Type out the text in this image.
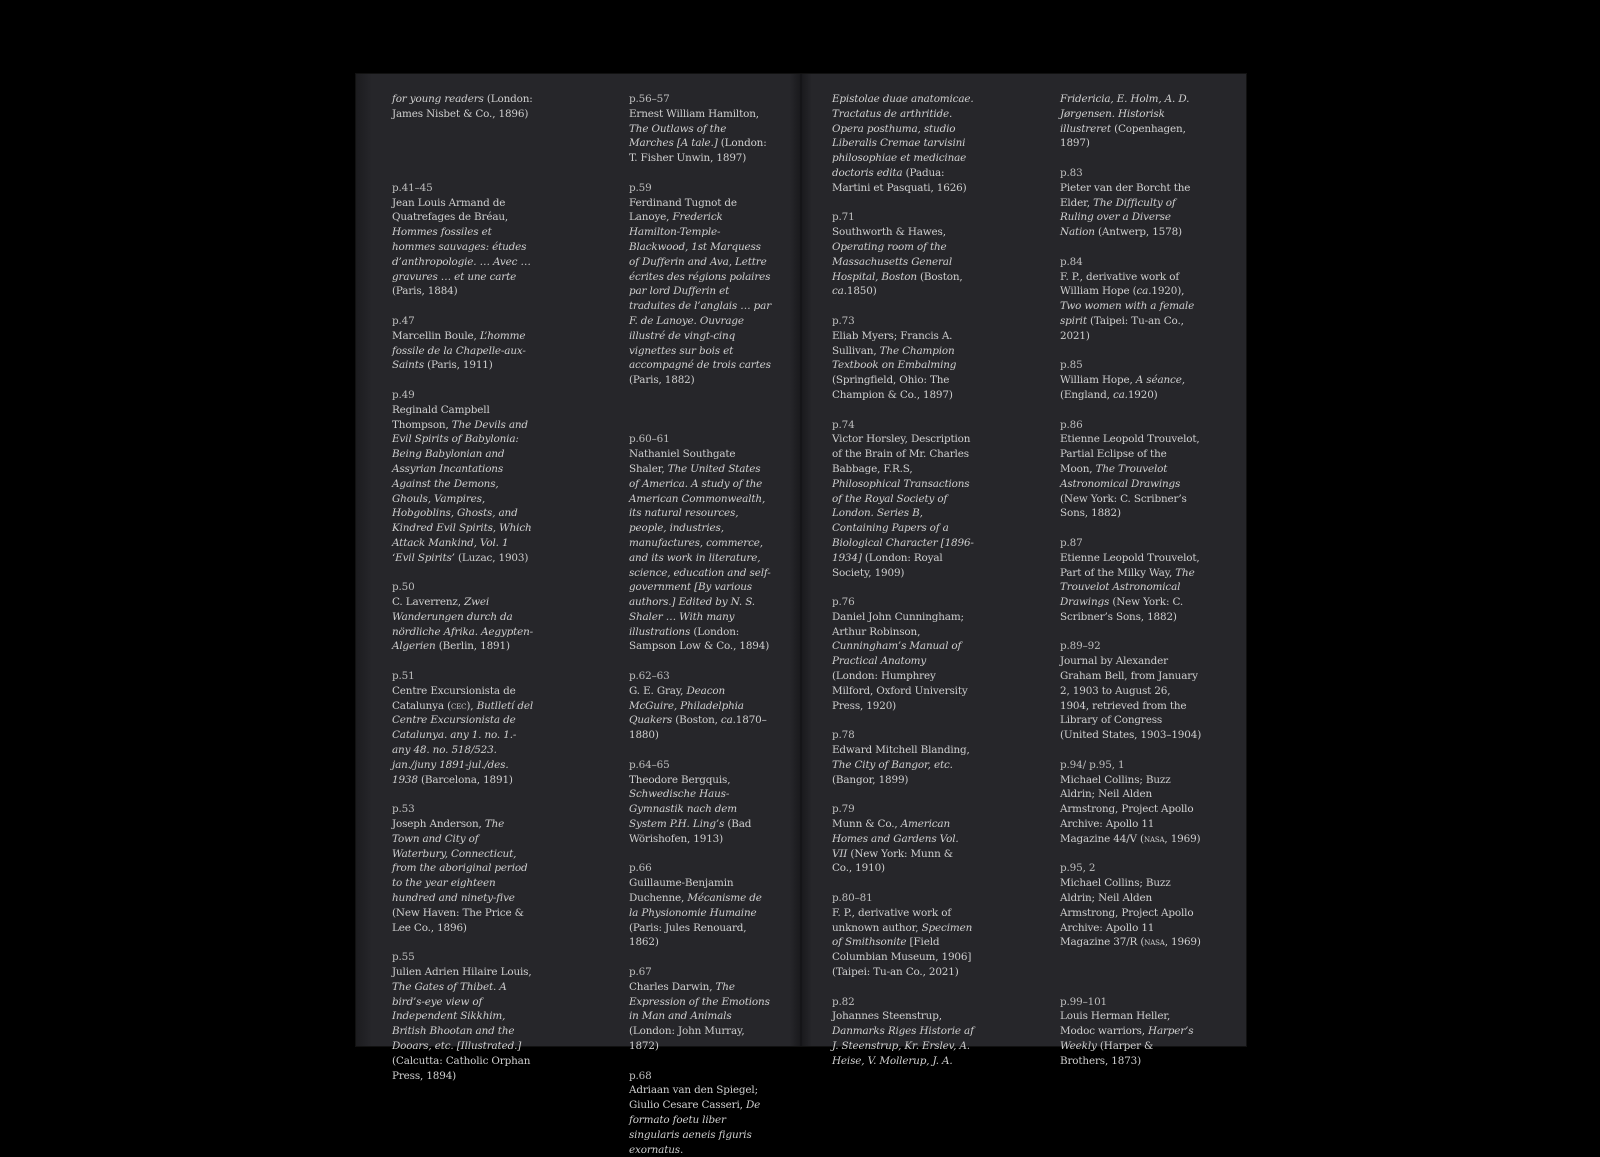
for young readers (London: James Nisbet & Co., 1896)

p.41–45
Jean Louis Armand de Quatrefages de Bréau, Hommes fossiles et hommes sauvages: études d’anthropologie. … Avec … gravures … et une carte (Paris, 1884)

p.47
Marcellin Boule, L’homme fossile de la Chapelle-aux-Saints (Paris, 1911)

p.49
Reginald Campbell Thompson, The Devils and Evil Spirits of Babylonia: Being Babylonian and Assyrian Incantations Against the Demons, Ghouls, Vampires, Hobgoblins, Ghosts, and Kindred Evil Spirits, Which Attack Mankind, Vol. 1 ‘Evil Spirits’ (Luzac, 1903)

p.50
C. Laverrenz, Zwei Wanderungen durch da nördliche Afrika. Aegypten-Algerien (Berlin, 1891)

p.51
Centre Excursionista de Catalunya (cec), Butlletí del Centre Excursionista de Catalunya. any 1. no. 1.-any 48. no. 518/523. jan./juny 1891-jul./des. 1938 (Barcelona, 1891)

p.53
Joseph Anderson, The Town and City of Waterbury, Connecticut, from the aboriginal period to the year eighteen hundred and ninety-five (New Haven: The Price & Lee Co., 1896)

p.55
Julien Adrien Hilaire Louis, The Gates of Thibet. A bird’s-eye view of Independent Sikkhim, British Bhootan and the Dooars, etc. [Illustrated.] (Calcutta: Catholic Orphan Press, 1894)

p.56–57
Ernest William Hamilton, The Outlaws of the Marches [A tale.] (London: T. Fisher Unwin, 1897)

p.59
Ferdinand Tugnot de Lanoye, Frederick Hamilton-Temple-Blackwood, 1st Marquess of Dufferin and Ava, Lettre écrites des régions polaires par lord Dufferin et traduites de l’anglais … par F. de Lanoye. Ouvrage illustré de vingt-cinq vignettes sur bois et accompagné de trois cartes (Paris, 1882)

p.60–61
Nathaniel Southgate Shaler, The United States of America. A study of the American Commonwealth, its natural resources, people, industries, manufactures, commerce, and its work in literature, science, education and self-government [By various authors.] Edited by N. S. Shaler … With many illustrations (London: Sampson Low & Co., 1894)

p.62–63
G. E. Gray, Deacon McGuire, Philadelphia Quakers (Boston, ca.1870–1880)

p.64–65
Theodore Bergquis, Schwedische Haus-Gymnastik nach dem System P.H. Ling’s (Bad Wörishofen, 1913)

p.66
Guillaume-Benjamin Duchenne, Mécanisme de la Physionomie Humaine (Paris: Jules Renouard, 1862)

p.67
Charles Darwin, The Expression of the Emotions in Man and Animals (London: John Murray, 1872)

p.68
Adriaan van den Spiegel; Giulio Cesare Casseri, De formato foetu liber singularis aeneis figuris exornatus.

Epistolae duae anatomicae. Tractatus de arthritide. Opera posthuma, studio Liberalis Cremae tarvisini philosophiae et medicinae doctoris edita (Padua: Martini et Pasquati, 1626)

p.71
Southworth & Hawes, Operating room of the Massachusetts General Hospital, Boston (Boston, ca.1850)

p.73
Eliab Myers; Francis A. Sullivan, The Champion Textbook on Embalming (Springfield, Ohio: The Champion & Co., 1897)

p.74
Victor Horsley, Description of the Brain of Mr. Charles Babbage, F.R.S, Philosophical Transactions of the Royal Society of London. Series B, Containing Papers of a Biological Character [1896-1934] (London: Royal Society, 1909)

p.76
Daniel John Cunningham; Arthur Robinson, Cunningham’s Manual of Practical Anatomy (London: Humphrey Milford, Oxford University Press, 1920)

p.78
Edward Mitchell Blanding, The City of Bangor, etc. (Bangor, 1899)

p.79
Munn & Co., American Homes and Gardens Vol. VII (New York: Munn & Co., 1910)

p.80–81
F. P., derivative work of unknown author, Specimen of Smithsonite [Field Columbian Museum, 1906] (Taipei: Tu-an Co., 2021)

p.82
Johannes Steenstrup, Danmarks Riges Historie af J. Steenstrup, Kr. Erslev, A. Heise, V. Mollerup, J. A.

Fridericia, E. Holm, A. D. Jørgensen. Historisk illustreret (Copenhagen, 1897)

p.83
Pieter van der Borcht the Elder, The Difficulty of Ruling over a Diverse Nation (Antwerp, 1578)

p.84
F. P., derivative work of William Hope (ca.1920), Two women with a female spirit (Taipei: Tu-an Co., 2021)

p.85
William Hope, A séance, (England, ca.1920)

p.86
Etienne Leopold Trouvelot, Partial Eclipse of the Moon, The Trouvelot Astronomical Drawings (New York: C. Scribner’s Sons, 1882)

p.87
Etienne Leopold Trouvelot, Part of the Milky Way, The Trouvelot Astronomical Drawings (New York: C. Scribner’s Sons, 1882)

p.89–92
Journal by Alexander Graham Bell, from January 2, 1903 to August 26, 1904, retrieved from the Library of Congress (United States, 1903–1904)

p.94/ p.95, 1
Michael Collins; Buzz Aldrin; Neil Alden Armstrong, Project Apollo Archive: Apollo 11 Magazine 44/V (nasa, 1969)

p.95, 2
Michael Collins; Buzz Aldrin; Neil Alden Armstrong, Project Apollo Archive: Apollo 11 Magazine 37/R (nasa, 1969)

p.99–101
Louis Herman Heller, Modoc warriors, Harper’s Weekly (Harper & Brothers, 1873)
